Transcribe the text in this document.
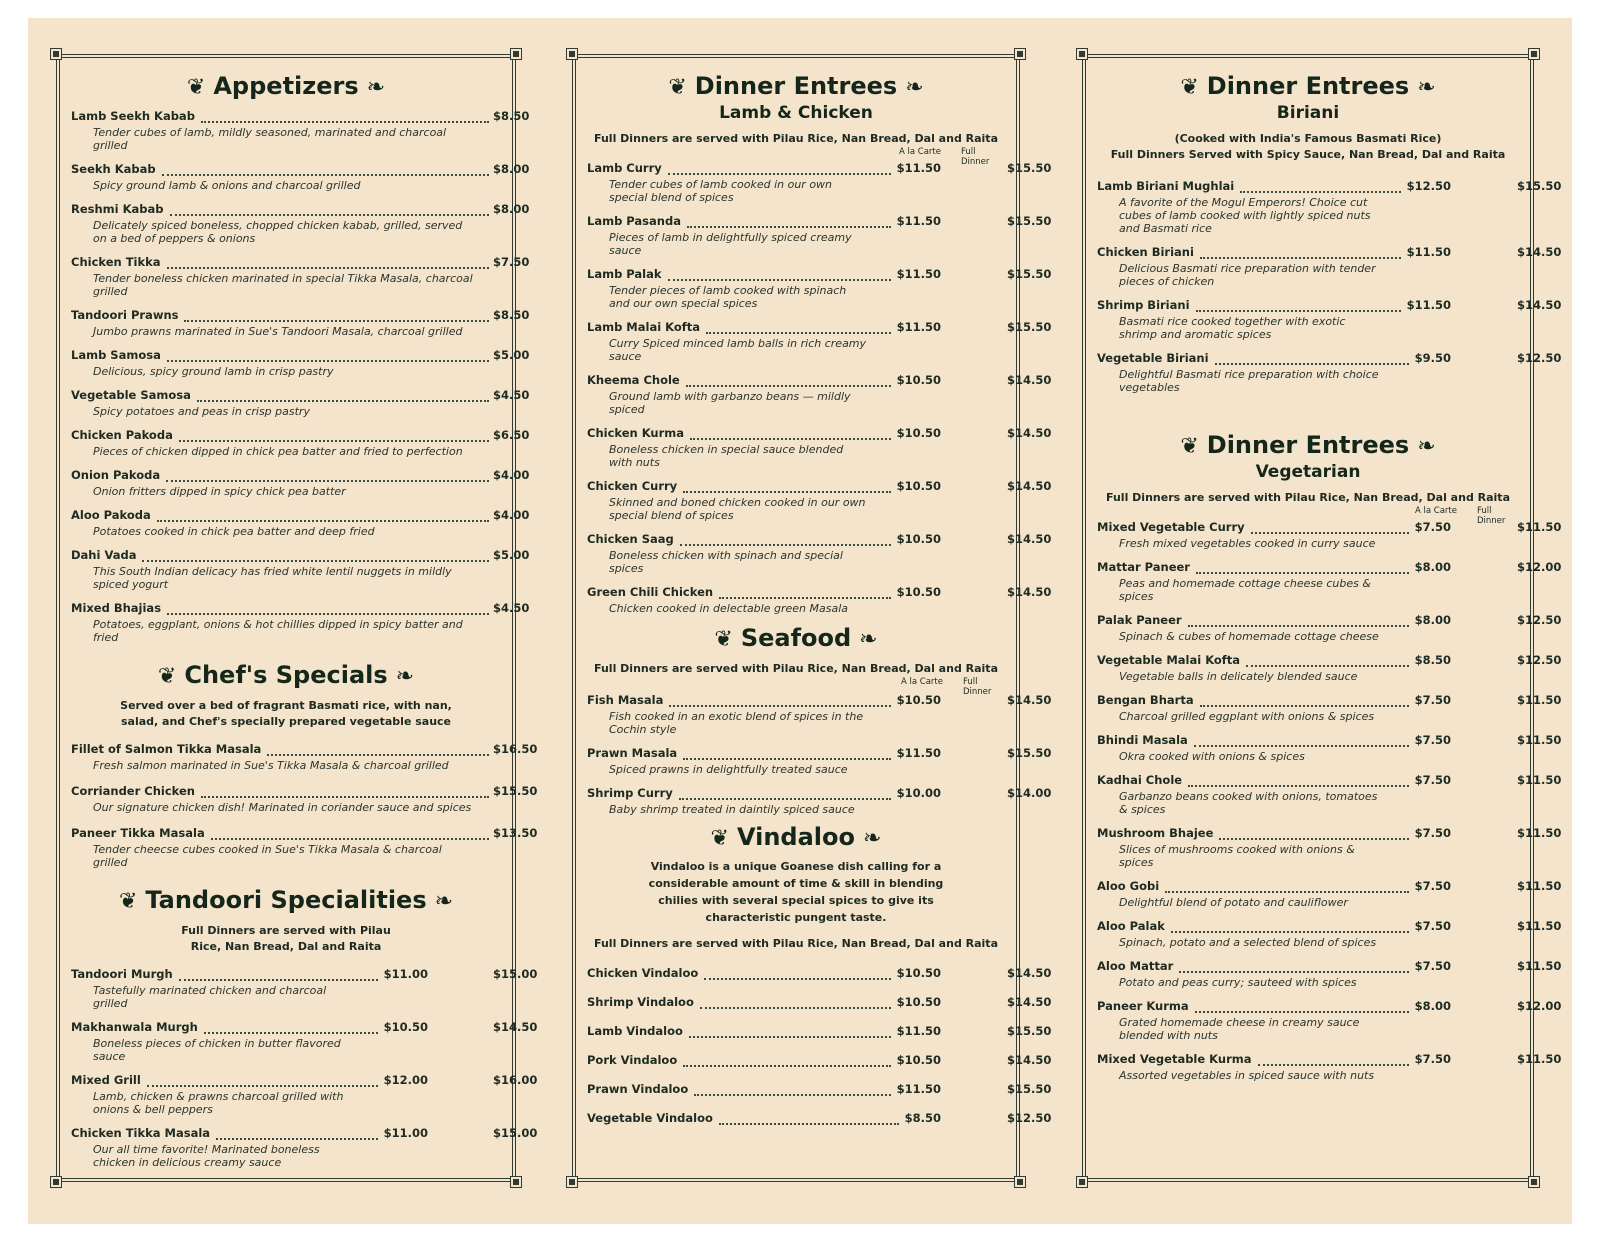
❦ Appetizers ❧
Lamb Seekh Kabab	$8.50
Tender cubes of lamb, mildly seasoned, marinated and charcoal grilled
Seekh Kabab	$8.00
Spicy ground lamb & onions and charcoal grilled
Reshmi Kabab	$8.00
Delicately spiced boneless, chopped chicken kabab, grilled, served on a bed of peppers & onions
Chicken Tikka	$7.50
Tender boneless chicken marinated in special Tikka Masala, charcoal grilled
Tandoori Prawns	$8.50
Jumbo prawns marinated in Sue's Tandoori Masala, charcoal grilled
Lamb Samosa	$5.00
Delicious, spicy ground lamb in crisp pastry
Vegetable Samosa	$4.50
Spicy potatoes and peas in crisp pastry
Chicken Pakoda	$6.50
Pieces of chicken dipped in chick pea batter and fried to perfection
Onion Pakoda	$4.00
Onion fritters dipped in spicy chick pea batter
Aloo Pakoda	$4.00
Potatoes cooked in chick pea batter and deep fried
Dahi Vada	$5.00
This South Indian delicacy has fried white lentil nuggets in mildly spiced yogurt
Mixed Bhajias	$4.50
Potatoes, eggplant, onions & hot chillies dipped in spicy batter and fried
❦ Chef's Specials ❧
Served over a bed of fragrant Basmati rice, with nan, salad, and Chef's specially prepared vegetable sauce
Fillet of Salmon Tikka Masala	$16.50
Fresh salmon marinated in Sue's Tikka Masala & charcoal grilled
Corriander Chicken	$15.50
Our signature chicken dish! Marinated in coriander sauce and spices
Paneer Tikka Masala	$13.50
Tender cheecse cubes cooked in Sue's Tikka Masala & charcoal grilled
❦ Tandoori Specialities ❧
Full Dinners are served with Pilau Rice, Nan Bread, Dal and Raita
Tandoori Murgh	$11.00	$15.00
Tastefully marinated chicken and charcoal grilled
Makhanwala Murgh	$10.50	$14.50
Boneless pieces of chicken in butter flavored sauce
Mixed Grill	$12.00	$16.00
Lamb, chicken & prawns charcoal grilled with onions & bell peppers
Chicken Tikka Masala	$11.00	$15.00
Our all time favorite! Marinated boneless chicken in delicious creamy sauce
❦ Dinner Entrees ❧
Lamb & Chicken
Full Dinners are served with Pilau Rice, Nan Bread, Dal and Raita
A la Carte Full Dinner
Lamb Curry	$11.50	$15.50
Tender cubes of lamb cooked in our own special blend of spices
Lamb Pasanda	$11.50	$15.50
Pieces of lamb in delightfully spiced creamy sauce
Lamb Palak	$11.50	$15.50
Tender pieces of lamb cooked with spinach and our own special spices
Lamb Malai Kofta	$11.50	$15.50
Curry Spiced minced lamb balls in rich creamy sauce
Kheema Chole	$10.50	$14.50
Ground lamb with garbanzo beans — mildly spiced
Chicken Kurma	$10.50	$14.50
Boneless chicken in special sauce blended with nuts
Chicken Curry	$10.50	$14.50
Skinned and boned chicken cooked in our own special blend of spices
Chicken Saag	$10.50	$14.50
Boneless chicken with spinach and special spices
Green Chili Chicken	$10.50	$14.50
Chicken cooked in delectable green Masala
❦ Seafood ❧
Full Dinners are served with Pilau Rice, Nan Bread, Dal and Raita
A la Carte Full Dinner
Fish Masala	$10.50	$14.50
Fish cooked in an exotic blend of spices in the Cochin style
Prawn Masala	$11.50	$15.50
Spiced prawns in delightfully treated sauce
Shrimp Curry	$10.00	$14.00
Baby shrimp treated in daintily spiced sauce
❦ Vindaloo ❧
Vindaloo is a unique Goanese dish calling for a considerable amount of time & skill in blending chilies with several special spices to give its characteristic pungent taste.
Full Dinners are served with Pilau Rice, Nan Bread, Dal and Raita
Chicken Vindaloo	$10.50	$14.50
Shrimp Vindaloo	$10.50	$14.50
Lamb Vindaloo	$11.50	$15.50
Pork Vindaloo	$10.50	$14.50
Prawn Vindaloo	$11.50	$15.50
Vegetable Vindaloo	$8.50	$12.50
❦ Dinner Entrees ❧
Biriani
(Cooked with India's Famous Basmati Rice)
Full Dinners Served with Spicy Sauce, Nan Bread, Dal and Raita
Lamb Biriani Mughlai	$12.50	$15.50
A favorite of the Mogul Emperors! Choice cut cubes of lamb cooked with lightly spiced nuts and Basmati rice
Chicken Biriani	$11.50	$14.50
Delicious Basmati rice preparation with tender pieces of chicken
Shrimp Biriani	$11.50	$14.50
Basmati rice cooked together with exotic shrimp and aromatic spices
Vegetable Biriani	$9.50	$12.50
Delightful Basmati rice preparation with choice vegetables
❦ Dinner Entrees ❧
Vegetarian
Full Dinners are served with Pilau Rice, Nan Bread, Dal and Raita
A la Carte Full Dinner
Mixed Vegetable Curry	$7.50	$11.50
Fresh mixed vegetables cooked in curry sauce
Mattar Paneer	$8.00	$12.00
Peas and homemade cottage cheese cubes & spices
Palak Paneer	$8.00	$12.50
Spinach & cubes of homemade cottage cheese
Vegetable Malai Kofta	$8.50	$12.50
Vegetable balls in delicately blended sauce
Bengan Bharta	$7.50	$11.50
Charcoal grilled eggplant with onions & spices
Bhindi Masala	$7.50	$11.50
Okra cooked with onions & spices
Kadhai Chole	$7.50	$11.50
Garbanzo beans cooked with onions, tomatoes & spices
Mushroom Bhajee	$7.50	$11.50
Slices of mushrooms cooked with onions & spices
Aloo Gobi	$7.50	$11.50
Delightful blend of potato and cauliflower
Aloo Palak	$7.50	$11.50
Spinach, potato and a selected blend of spices
Aloo Mattar	$7.50	$11.50
Potato and peas curry; sauteed with spices
Paneer Kurma	$8.00	$12.00
Grated homemade cheese in creamy sauce blended with nuts
Mixed Vegetable Kurma	$7.50	$11.50
Assorted vegetables in spiced sauce with nuts
